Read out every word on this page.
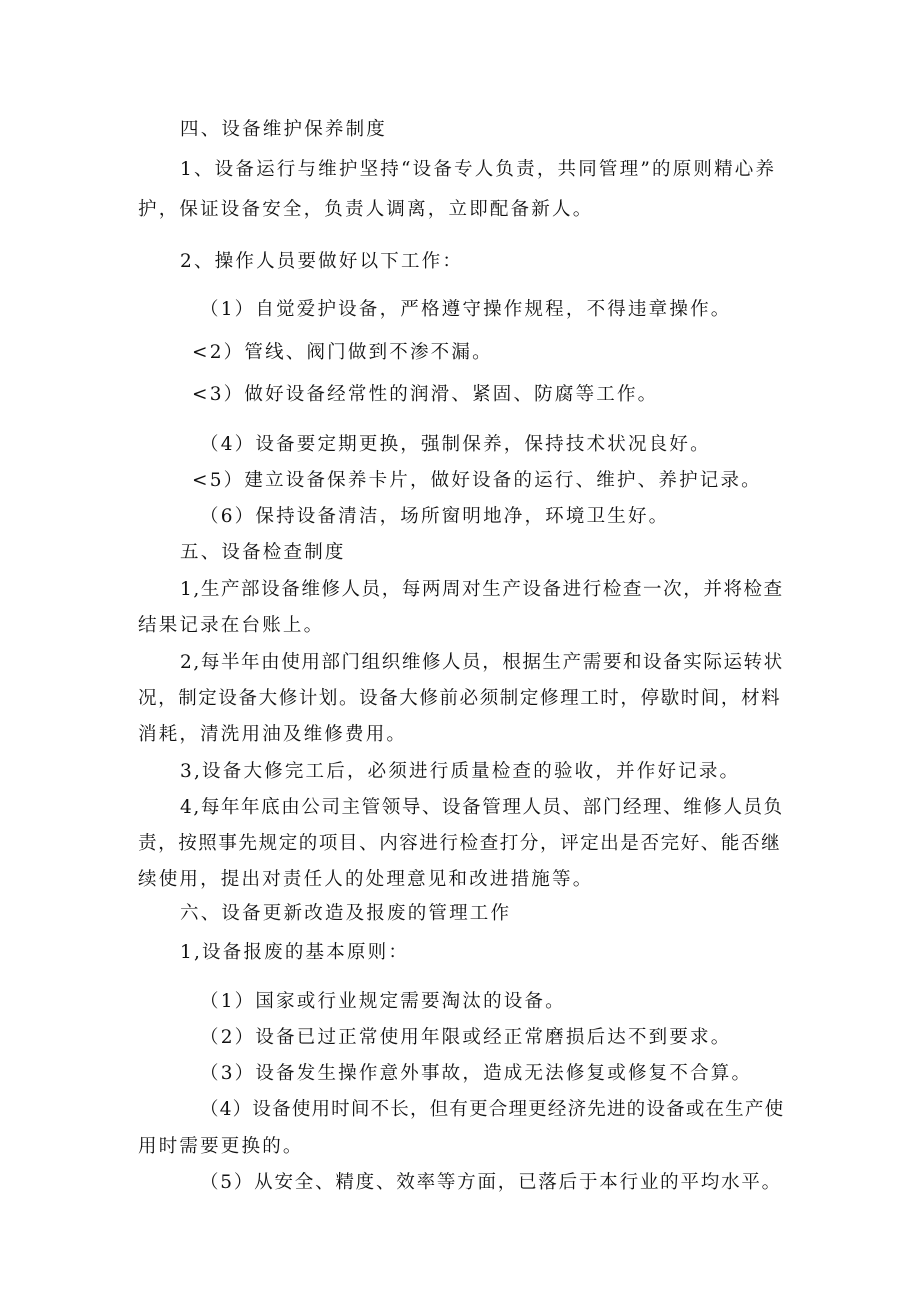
四、设备维护保养制度

1、设备运行与维护坚持“设备专人负责，共同管理”的原则精心养

护，保证设备安全，负责人调离，立即配备新人。

2、操作人员要做好以下工作：

（1）自觉爱护设备，严格遵守操作规程，不得违章操作。

<2）管线、阀门做到不渗不漏。

<3）做好设备经常性的润滑、紧固、防腐等工作。

（4）设备要定期更换，强制保养，保持技术状况良好。

<5）建立设备保养卡片，做好设备的运行、维护、养护记录。

（6）保持设备清洁，场所窗明地净，环境卫生好。

五、设备检查制度

1,生产部设备维修人员，每两周对生产设备进行检查一次，并将检查

结果记录在台账上。

2,每半年由使用部门组织维修人员，根据生产需要和设备实际运转状

况，制定设备大修计划。设备大修前必须制定修理工时，停歇时间，材料

消耗，清洗用油及维修费用。

3,设备大修完工后，必须进行质量检查的验收，并作好记录。

4,每年年底由公司主管领导、设备管理人员、部门经理、维修人员负

责，按照事先规定的项目、内容进行检查打分，评定出是否完好、能否继

续使用，提出对责任人的处理意见和改进措施等。

六、设备更新改造及报废的管理工作

1,设备报废的基本原则：

（1）国家或行业规定需要淘汰的设备。

（2）设备已过正常使用年限或经正常磨损后达不到要求。

（3）设备发生操作意外事故，造成无法修复或修复不合算。

（4）设备使用时间不长，但有更合理更经济先进的设备或在生产使

用时需要更换的。

（5）从安全、精度、效率等方面，已落后于本行业的平均水平。
